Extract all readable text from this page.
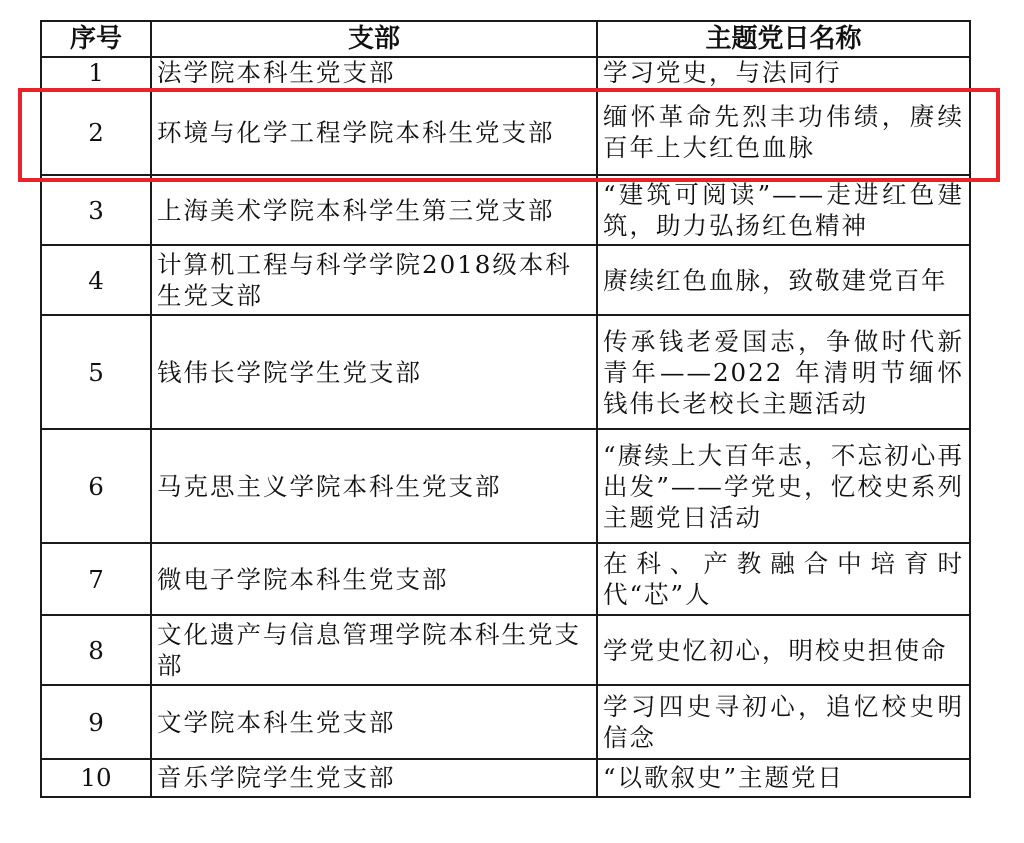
序号	支部	主题党日名称
1	法学院本科生党支部	学习党史，与法同行
2	环境与化学工程学院本科生党支部	缅怀革命先烈丰功伟绩，赓续百年上大红色血脉
3	上海美术学院本科学生第三党支部	“建筑可阅读”——走进红色建筑，助力弘扬红色精神
4	计算机工程与科学学院2018级本科生党支部	赓续红色血脉，致敬建党百年
5	钱伟长学院学生党支部	传承钱老爱国志，争做时代新青年——2022 年清明节缅怀钱伟长老校长主题活动
6	马克思主义学院本科生党支部	“赓续上大百年志，不忘初心再出发”——学党史，忆校史系列主题党日活动
7	微电子学院本科生党支部	在科、产教融合中培育时代“芯”人
8	文化遗产与信息管理学院本科生党支部	学党史忆初心，明校史担使命
9	文学院本科生党支部	学习四史寻初心，追忆校史明信念
10	音乐学院学生党支部	“以歌叙史”主题党日
